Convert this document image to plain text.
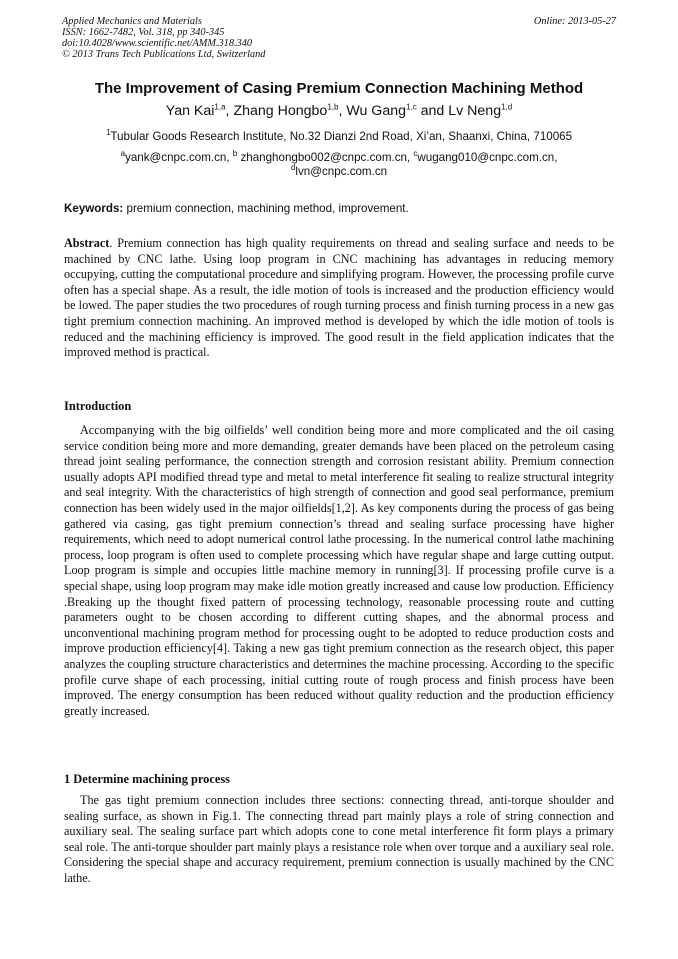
Applied Mechanics and Materials
ISSN: 1662-7482, Vol. 318, pp 340-345
doi:10.4028/www.scientific.net/AMM.318.340
© 2013 Trans Tech Publications Ltd, Switzerland
Online: 2013-05-27
The Improvement of Casing Premium Connection Machining Method
Yan Kai$^{1,a}$, Zhang Hongbo$^{1,b}$, Wu Gang$^{1,c}$ and Lv Neng$^{1,d}$
$^1$Tubular Goods Research Institute, No.32 Dianzi 2nd Road, Xi’an, Shaanxi, China, 710065
$^a$yank@cnpc.com.cn, $^b$ zhanghongbo002@cnpc.com.cn, $^c$wugang010@cnpc.com.cn,
$^d$lvn@cnpc.com.cn
Keywords: premium connection, machining method, improvement.
Abstract. Premium connection has high quality requirements on thread and sealing surface and needs to be machined by CNC lathe. Using loop program in CNC machining has advantages in reducing memory occupying, cutting the computational procedure and simplifying program. However, the processing profile curve often has a special shape. As a result, the idle motion of tools is increased and the production efficiency would be lowed. The paper studies the two procedures of rough turning process and finish turning process in a new gas tight premium connection machining. An improved method is developed by which the idle motion of tools is reduced and the machining efficiency is improved. The good result in the field application indicates that the improved method is practical.
Introduction
Accompanying with the big oilfields’ well condition being more and more complicated and the oil casing service condition being more and more demanding, greater demands have been placed on the petroleum casing thread joint sealing performance, the connection strength and corrosion resistant ability. Premium connection usually adopts API modified thread type and metal to metal interference fit sealing to realize structural integrity and seal integrity. With the characteristics of high strength of connection and good seal performance, premium connection has been widely used in the major oilfields[1,2]. As key components during the process of gas being gathered via casing, gas tight premium connection’s thread and sealing surface processing have higher requirements, which need to adopt numerical control lathe processing. In the numerical control lathe machining process, loop program is often used to complete processing which have regular shape and large cutting output. Loop program is simple and occupies little machine memory in running[3]. If processing profile curve is a special shape, using loop program may make idle motion greatly increased and cause low production. Efficiency .Breaking up the thought fixed pattern of processing technology, reasonable processing route and cutting parameters ought to be chosen according to different cutting shapes, and the abnormal process and unconventional machining program method for processing ought to be adopted to reduce production costs and improve production efficiency[4]. Taking a new gas tight premium connection as the research object, this paper analyzes the coupling structure characteristics and determines the machine processing. According to the specific profile curve shape of each processing, initial cutting route of rough process and finish process have been improved. The energy consumption has been reduced without quality reduction and the production efficiency greatly increased.
1 Determine machining process
The gas tight premium connection includes three sections: connecting thread, anti-torque shoulder and sealing surface, as shown in Fig.1. The connecting thread part mainly plays a role of string connection and auxiliary seal. The sealing surface part which adopts cone to cone metal interference fit form plays a primary seal role. The anti-torque shoulder part mainly plays a resistance role when over torque and a auxiliary seal role. Considering the special shape and accuracy requirement, premium connection is usually machined by the CNC lathe.
